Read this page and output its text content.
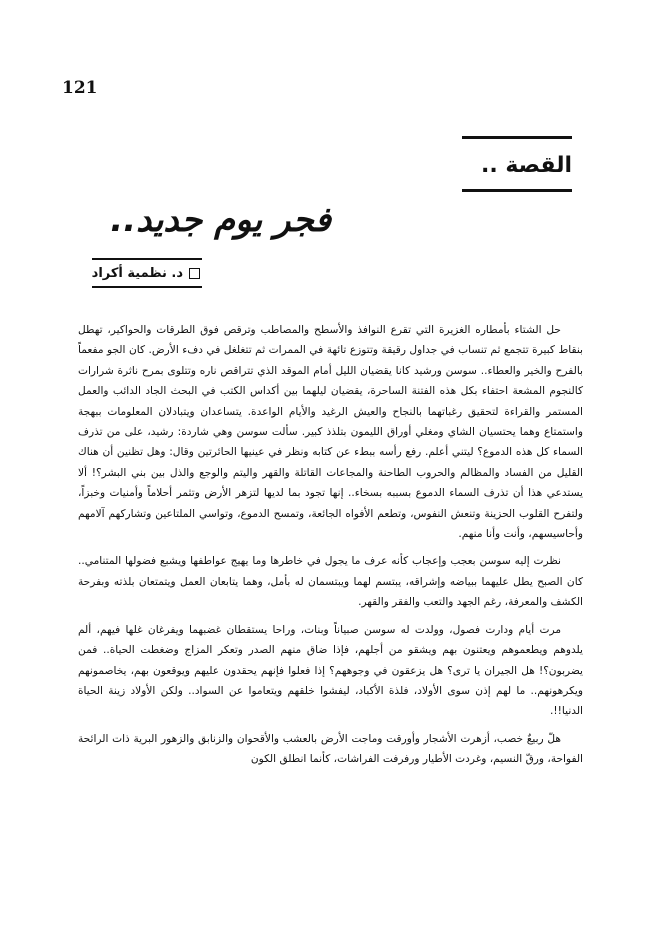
121
القصة ..
فجر يوم جديد..
د. نظمية أكراد

حل الشتاء بأمطاره الغزيرة التي تقرع النوافذ والأسطح والمصاطب وترقص فوق الطرقات والحواكير، تهطل بنقاط كبيرة تتجمع ثم تنساب في جداول رقيقة وتتوزع تائهة في الممرات ثم تتغلغل في دفء الأرض. كان الجو مفعماً بالفرح والخير والعطاء.. سوسن ورشيد كانا يقضيان الليل أمام الموقد الذي تتراقص ناره وتتلوى بمرح ناثرة شرارات كالنجوم المشعة احتفاء بكل هذه الفتنة الساحرة، يقضيان ليلهما بين أكداس الكتب في البحث الجاد الدائب والعمل المستمر والقراءة لتحقيق رغباتهما بالنجاح والعيش الرغيد والأيام الواعدة. يتساعدان ويتبادلان المعلومات ببهجة واستمتاع وهما يحتسيان الشاي ومغلي أوراق الليمون بتلذذ كبير. سألت سوسن وهي شاردة: رشيد، على من تذرف السماء كل هذه الدموع؟ ليتني أعلم. رفع رأسه ببطء عن كتابه ونظر في عينيها الحائرتين وقال: وهل تظنين أن هناك القليل من الفساد والمظالم والحروب الطاحنة والمجاعات القاتلة والقهر واليتم والوجع والذل بين بني البشر؟! ألا يستدعي هذا أن تذرف السماء الدموع بسببه بسخاء.. إنها تجود بما لديها لتزهر الأرض وتثمر أحلاماً وأمنيات وخبزاً، ولتفرح القلوب الحزينة وتنعش النفوس، وتطعم الأفواه الجائعة، وتمسح الدموع، وتواسي الملتاعين وتشاركهم آلامهم وأحاسيسهم، وأنت وأنا منهم.

نظرت إليه سوسن بعجب وإعجاب كأنه عرف ما يجول في خاطرها وما يهيج عواطفها ويشبع فضولها المتنامي.. كان الصبح يطل عليهما ببياضه وإشراقه، يبتسم لهما ويبتسمان له بأمل، وهما يتابعان العمل ويتمتعان بلذته وبفرحة الكشف والمعرفة، رغم الجهد والتعب والفقر والقهر.

مرت أيام ودارت فصول، وولدت له سوسن صبياناً وبنات، وراحا يستقطان غضبهما ويفرغان غلها فيهم، ألم يلدوهم ويطعموهم ويعتنون بهم ويشقو من أجلهم، فإذا ضاق منهم الصدر وتعكر المزاج وضغطت الحياة.. فمن يضربون؟! هل الجيران يا ترى؟ هل يزعقون في وجوههم؟ إذا فعلوا فإنهم يحقدون عليهم ويوقعون بهم، يخاصمونهم ويكرهونهم.. ما لهم إذن سوى الأولاد، فلذة الأكباد، ليفشوا خلقهم ويتعاموا عن السواد.. ولكن الأولاد زينة الحياة الدنيا!!.

هلّ ربيعٌ خصب، أزهرت الأشجار وأورقت وماجت الأرض بالعشب والأقحوان والزنابق والزهور البرية ذات الرائحة الفواحة، ورقّ النسيم، وغردت الأطيار ورفرفت الفراشات، كأنما انطلق الكون
